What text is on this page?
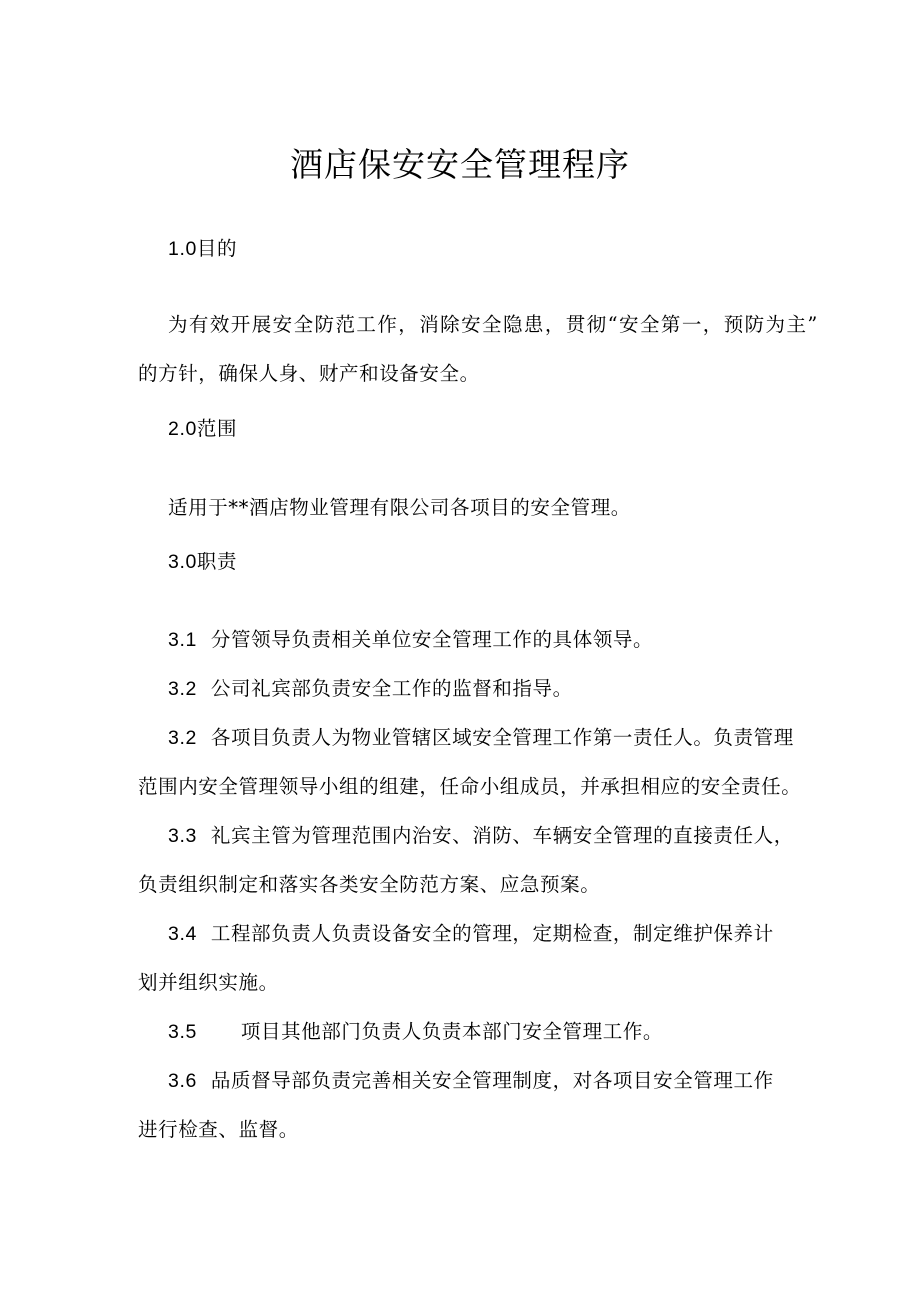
酒店保安安全管理程序
1.0目的
为有效开展安全防范工作，消除安全隐患，贯彻“安全第一，预防为主”
的方针，确保人身、财产和设备安全。
2.0范围
适用于**酒店物业管理有限公司各项目的安全管理。
3.0职责
3.1 分管领导负责相关单位安全管理工作的具体领导。
3.2 公司礼宾部负责安全工作的监督和指导。
3.2 各项目负责人为物业管辖区域安全管理工作第一责任人。负责管理
范围内安全管理领导小组的组建，任命小组成员，并承担相应的安全责任。
3.3 礼宾主管为管理范围内治安、消防、车辆安全管理的直接责任人，
负责组织制定和落实各类安全防范方案、应急预案。
3.4 工程部负责人负责设备安全的管理，定期检查，制定维护保养计
划并组织实施。
3.5 项目其他部门负责人负责本部门安全管理工作。
3.6 品质督导部负责完善相关安全管理制度，对各项目安全管理工作
进行检查、监督。
